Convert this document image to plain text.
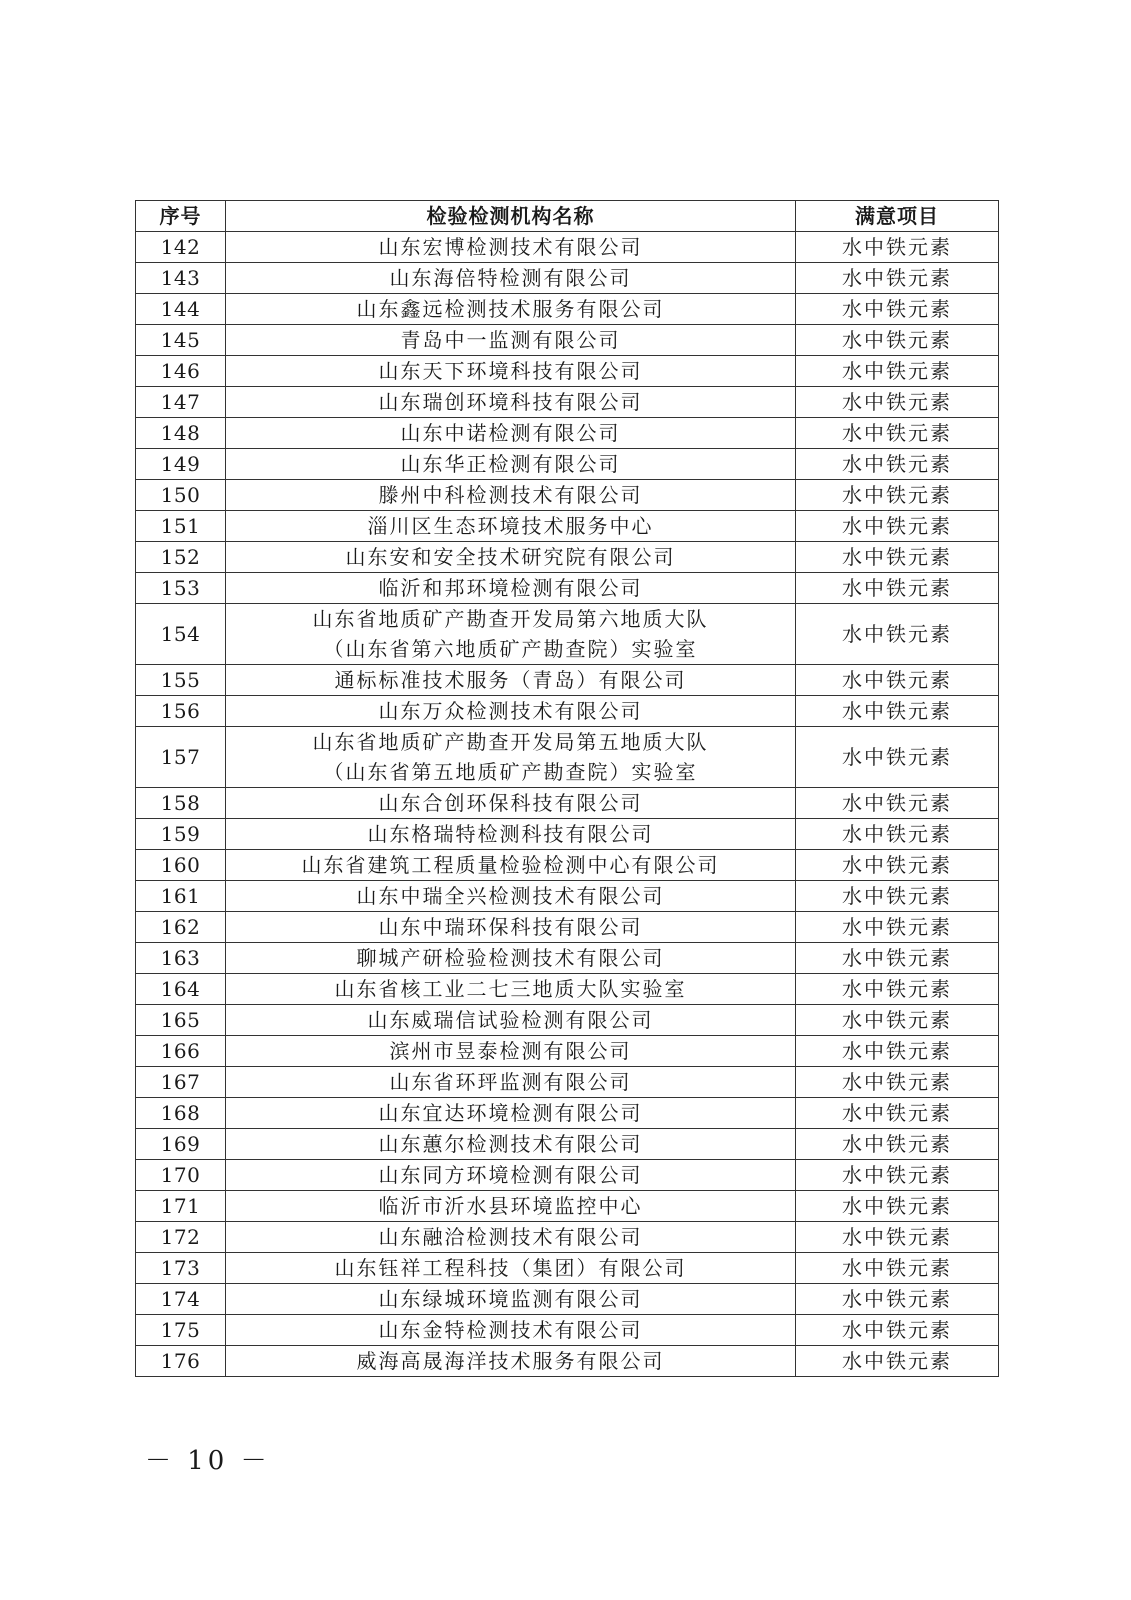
序号	检验检测机构名称	满意项目
142	山东宏博检测技术有限公司	水中铁元素
143	山东海倍特检测有限公司	水中铁元素
144	山东鑫远检测技术服务有限公司	水中铁元素
145	青岛中一监测有限公司	水中铁元素
146	山东天下环境科技有限公司	水中铁元素
147	山东瑞创环境科技有限公司	水中铁元素
148	山东中诺检测有限公司	水中铁元素
149	山东华正检测有限公司	水中铁元素
150	滕州中科检测技术有限公司	水中铁元素
151	淄川区生态环境技术服务中心	水中铁元素
152	山东安和安全技术研究院有限公司	水中铁元素
153	临沂和邦环境检测有限公司	水中铁元素
154	山东省地质矿产勘查开发局第六地质大队
（山东省第六地质矿产勘查院）实验室	水中铁元素
155	通标标准技术服务（青岛）有限公司	水中铁元素
156	山东万众检测技术有限公司	水中铁元素
157	山东省地质矿产勘查开发局第五地质大队
（山东省第五地质矿产勘查院）实验室	水中铁元素
158	山东合创环保科技有限公司	水中铁元素
159	山东格瑞特检测科技有限公司	水中铁元素
160	山东省建筑工程质量检验检测中心有限公司	水中铁元素
161	山东中瑞全兴检测技术有限公司	水中铁元素
162	山东中瑞环保科技有限公司	水中铁元素
163	聊城产研检验检测技术有限公司	水中铁元素
164	山东省核工业二七三地质大队实验室	水中铁元素
165	山东威瑞信试验检测有限公司	水中铁元素
166	滨州市昱泰检测有限公司	水中铁元素
167	山东省环玶监测有限公司	水中铁元素
168	山东宜达环境检测有限公司	水中铁元素
169	山东蕙尔检测技术有限公司	水中铁元素
170	山东同方环境检测有限公司	水中铁元素
171	临沂市沂水县环境监控中心	水中铁元素
172	山东融洽检测技术有限公司	水中铁元素
173	山东钰祥工程科技（集团）有限公司	水中铁元素
174	山东绿城环境监测有限公司	水中铁元素
175	山东金特检测技术有限公司	水中铁元素
176	威海高晟海洋技术服务有限公司	水中铁元素
－ 10 －
